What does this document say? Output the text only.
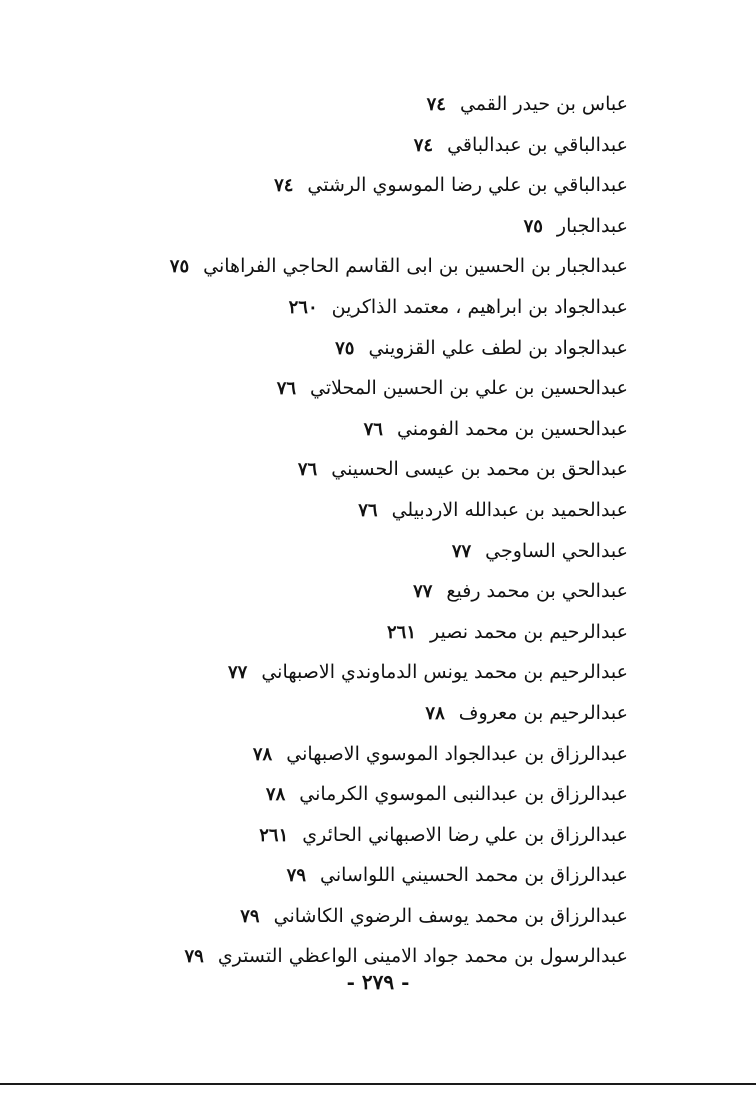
عباس بن حيدر القمي٧٤
عبدالباقي بن عبدالباقي٧٤
عبدالباقي بن علي رضا الموسوي الرشتي٧٤
عبدالجبار٧٥
عبدالجبار بن الحسين بن ابى القاسم الحاجي الفراهاني٧٥
عبدالجواد بن ابراهيم ، معتمد الذاكرين٢٦٠
عبدالجواد بن لطف علي القزويني٧٥
عبدالحسين بن علي بن الحسين المحلاتي٧٦
عبدالحسين بن محمد الفومني٧٦
عبدالحق بن محمد بن عيسى الحسيني٧٦
عبدالحميد بن عبدالله الاردبيلي٧٦
عبدالحي الساوجي٧٧
عبدالحي بن محمد رفيع٧٧
عبدالرحيم بن محمد نصير٢٦١
عبدالرحيم بن محمد يونس الدماوندي الاصبهاني٧٧
عبدالرحيم بن معروف٧٨
عبدالرزاق بن عبدالجواد الموسوي الاصبهاني٧٨
عبدالرزاق بن عبدالنبى الموسوي الكرماني٧٨
عبدالرزاق بن علي رضا الاصبهاني الحائري٢٦١
عبدالرزاق بن محمد الحسيني اللواساني٧٩
عبدالرزاق بن محمد يوسف الرضوي الكاشاني٧٩
عبدالرسول بن محمد جواد الامينى الواعظي التستري٧٩
- ٢٧٩ -
